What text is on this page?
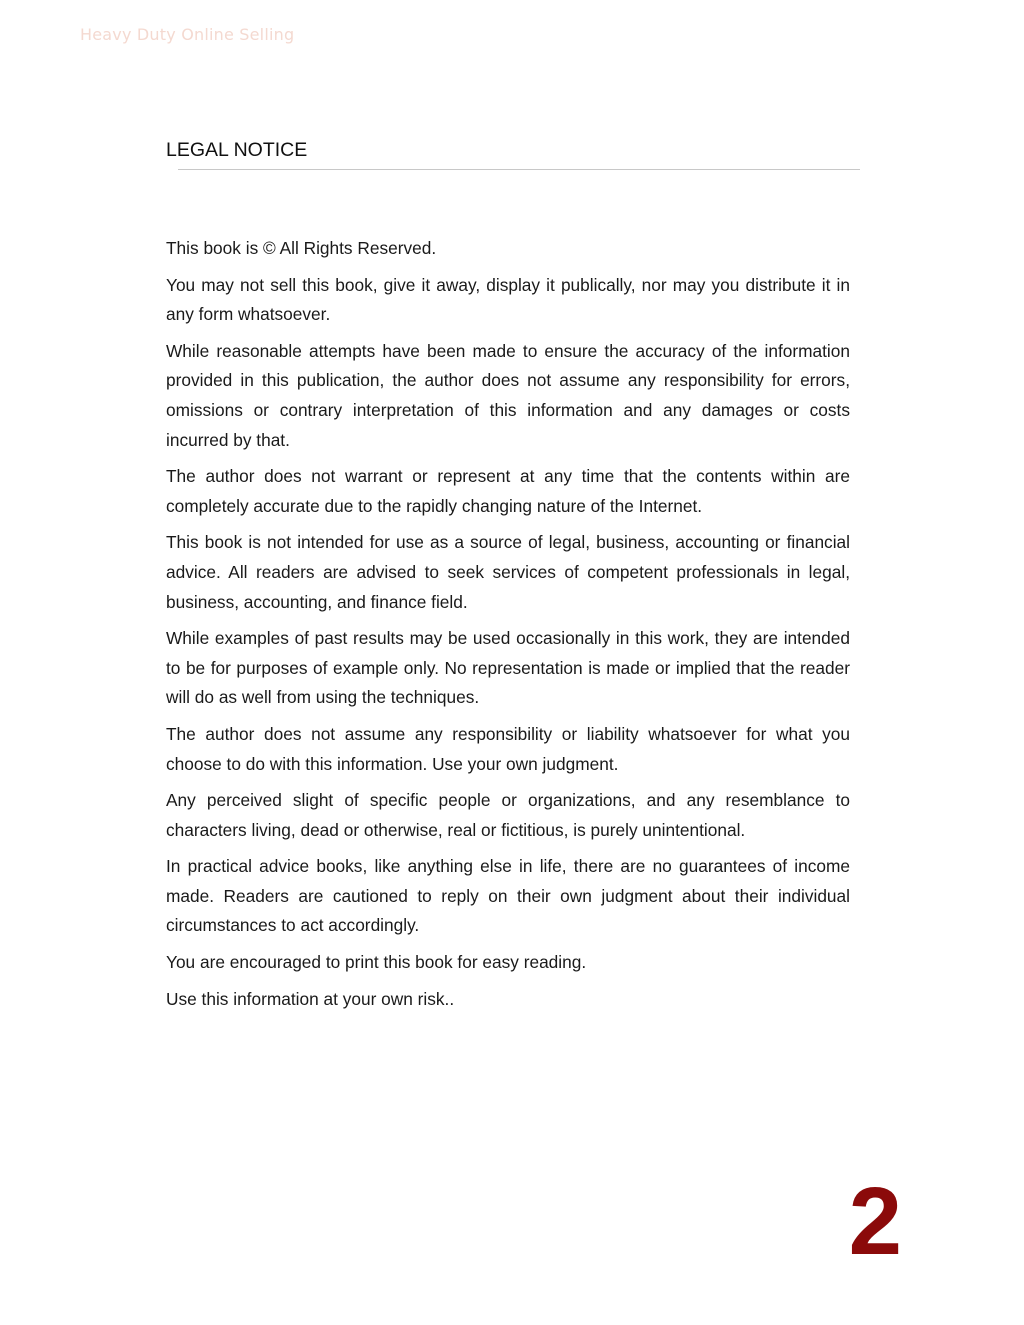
Heavy Duty Online Selling
LEGAL NOTICE

This book is © All Rights Reserved.

You may not sell this book, give it away, display it publically, nor may you distribute it in any form whatsoever.

While reasonable attempts have been made to ensure the accuracy of the information provided in this publication, the author does not assume any responsibility for errors, omissions or contrary interpretation of this information and any damages or costs incurred by that.

The author does not warrant or represent at any time that the contents within are completely accurate due to the rapidly changing nature of the Internet.

This book is not intended for use as a source of legal, business, accounting or financial advice. All readers are advised to seek services of competent professionals in legal, business, accounting, and finance field.

While examples of past results may be used occasionally in this work, they are intended to be for purposes of example only. No representation is made or implied that the reader will do as well from using the techniques.

The author does not assume any responsibility or liability whatsoever for what you choose to do with this information. Use your own judgment.

Any perceived slight of specific people or organizations, and any resemblance to characters living, dead or otherwise, real or fictitious, is purely unintentional.

In practical advice books, like anything else in life, there are no guarantees of income made. Readers are cautioned to reply on their own judgment about their individual circumstances to act accordingly.

You are encouraged to print this book for easy reading.

Use this information at your own risk..

2
